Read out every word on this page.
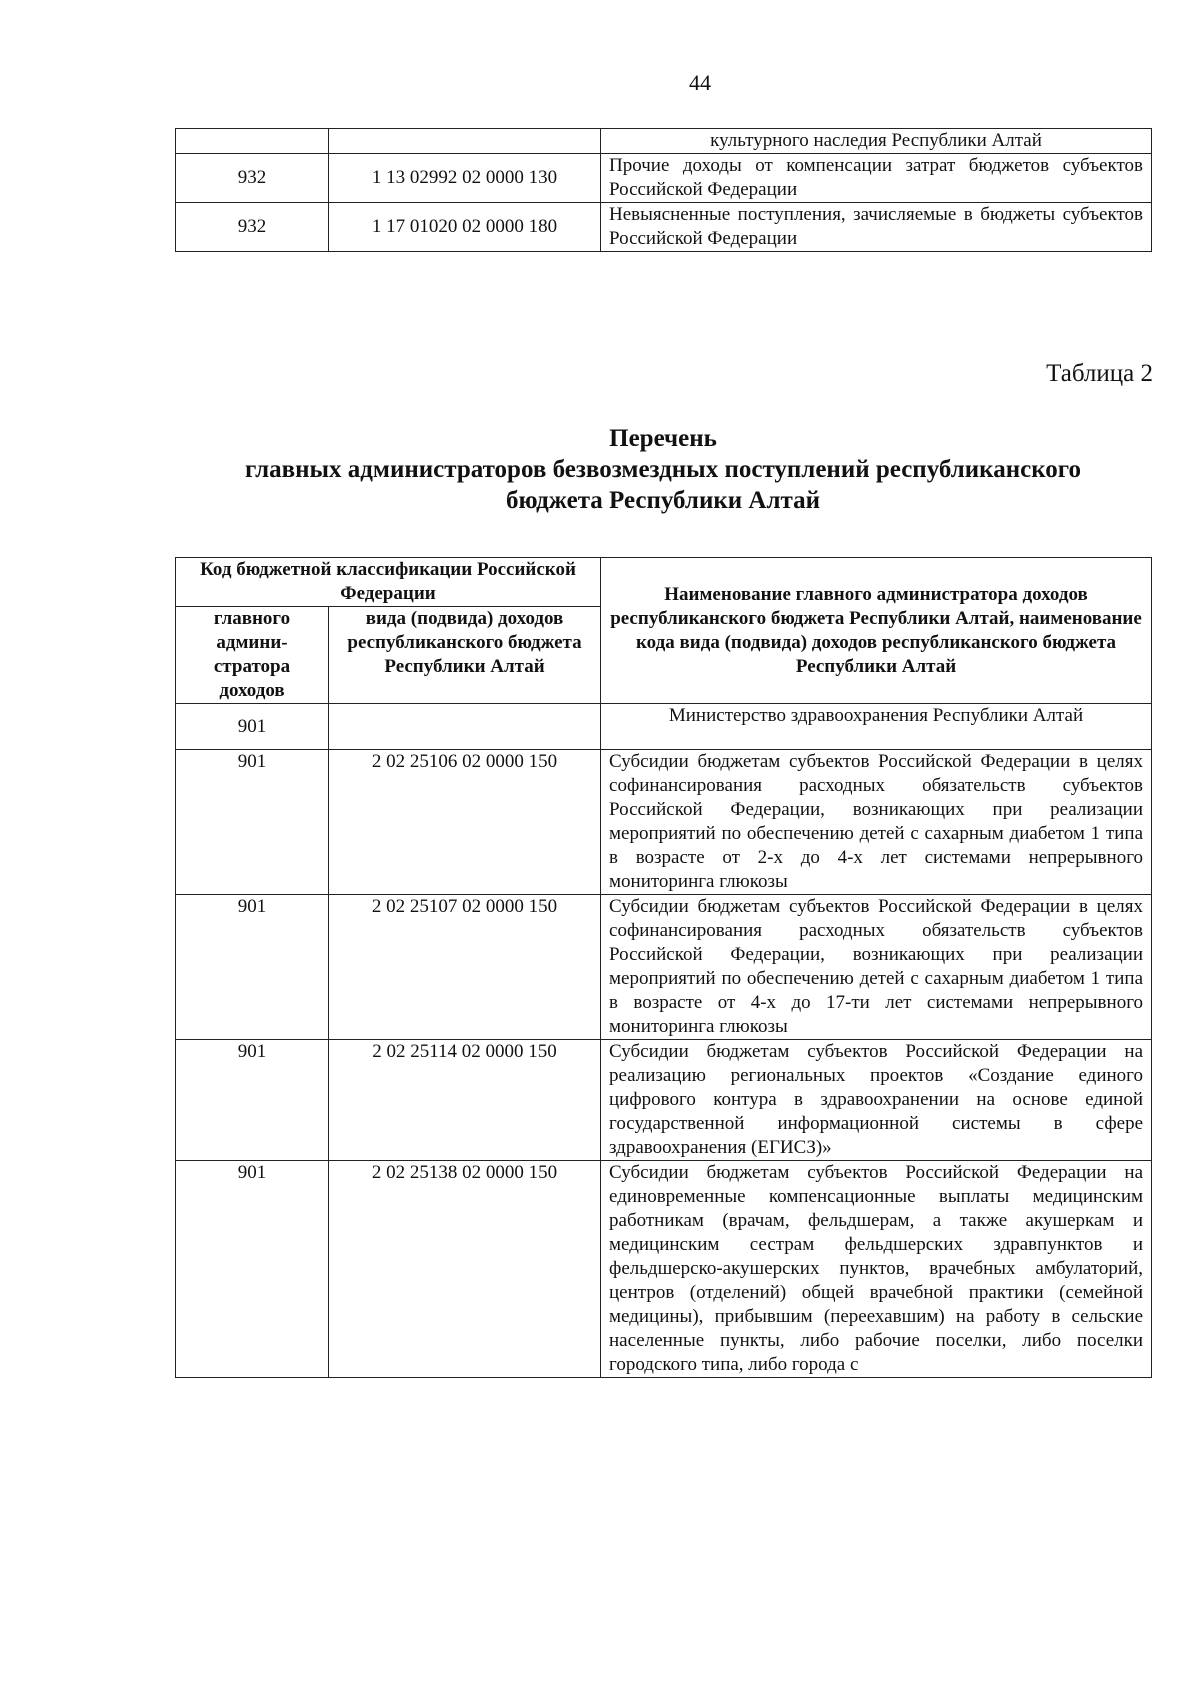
44
		культурного наследия Республики Алтай
932	1 13 02992 02 0000 130	Прочие доходы от компенсации затрат бюджетов субъектов Российской Федерации
932	1 17 01020 02 0000 180	Невыясненные поступления, зачисляемые в бюджеты субъектов Российской Федерации
Таблица 2
Перечень
главных администраторов безвозмездных поступлений республиканского
бюджета Республики Алтай
Код бюджетной классификации Российской Федерации		Наименование главного администратора доходов республиканского бюджета Республики Алтай, наименование кода вида (подвида) доходов республиканского бюджета Республики Алтай
главного админи-стратора доходов	вида (подвида) доходов республиканского бюджета Республики Алтай	
901		Министерство здравоохранения Республики Алтай
901	2 02 25106 02 0000 150	Субсидии бюджетам субъектов Российской Федерации в целях софинансирования расходных обязательств субъектов Российской Федерации, возникающих при реализации мероприятий по обеспечению детей с сахарным диабетом 1 типа в возрасте от 2-х до 4-х лет системами непрерывного мониторинга глюкозы
901	2 02 25107 02 0000 150	Субсидии бюджетам субъектов Российской Федерации в целях софинансирования расходных обязательств субъектов Российской Федерации, возникающих при реализации мероприятий по обеспечению детей с сахарным диабетом 1 типа в возрасте от 4-х до 17-ти лет системами непрерывного мониторинга глюкозы
901	2 02 25114 02 0000 150	Субсидии бюджетам субъектов Российской Федерации на реализацию региональных проектов «Создание единого цифрового контура в здравоохранении на основе единой государственной информационной системы в сфере здравоохранения (ЕГИСЗ)»
901	2 02 25138 02 0000 150	Субсидии бюджетам субъектов Российской Федерации на единовременные компенсационные выплаты медицинским работникам (врачам, фельдшерам, а также акушеркам и медицинским сестрам фельдшерских здравпунктов и фельдшерско-акушерских пунктов, врачебных амбулаторий, центров (отделений) общей врачебной практики (семейной медицины), прибывшим (переехавшим) на работу в сельские населенные пункты, либо рабочие поселки, либо поселки городского типа, либо города с
